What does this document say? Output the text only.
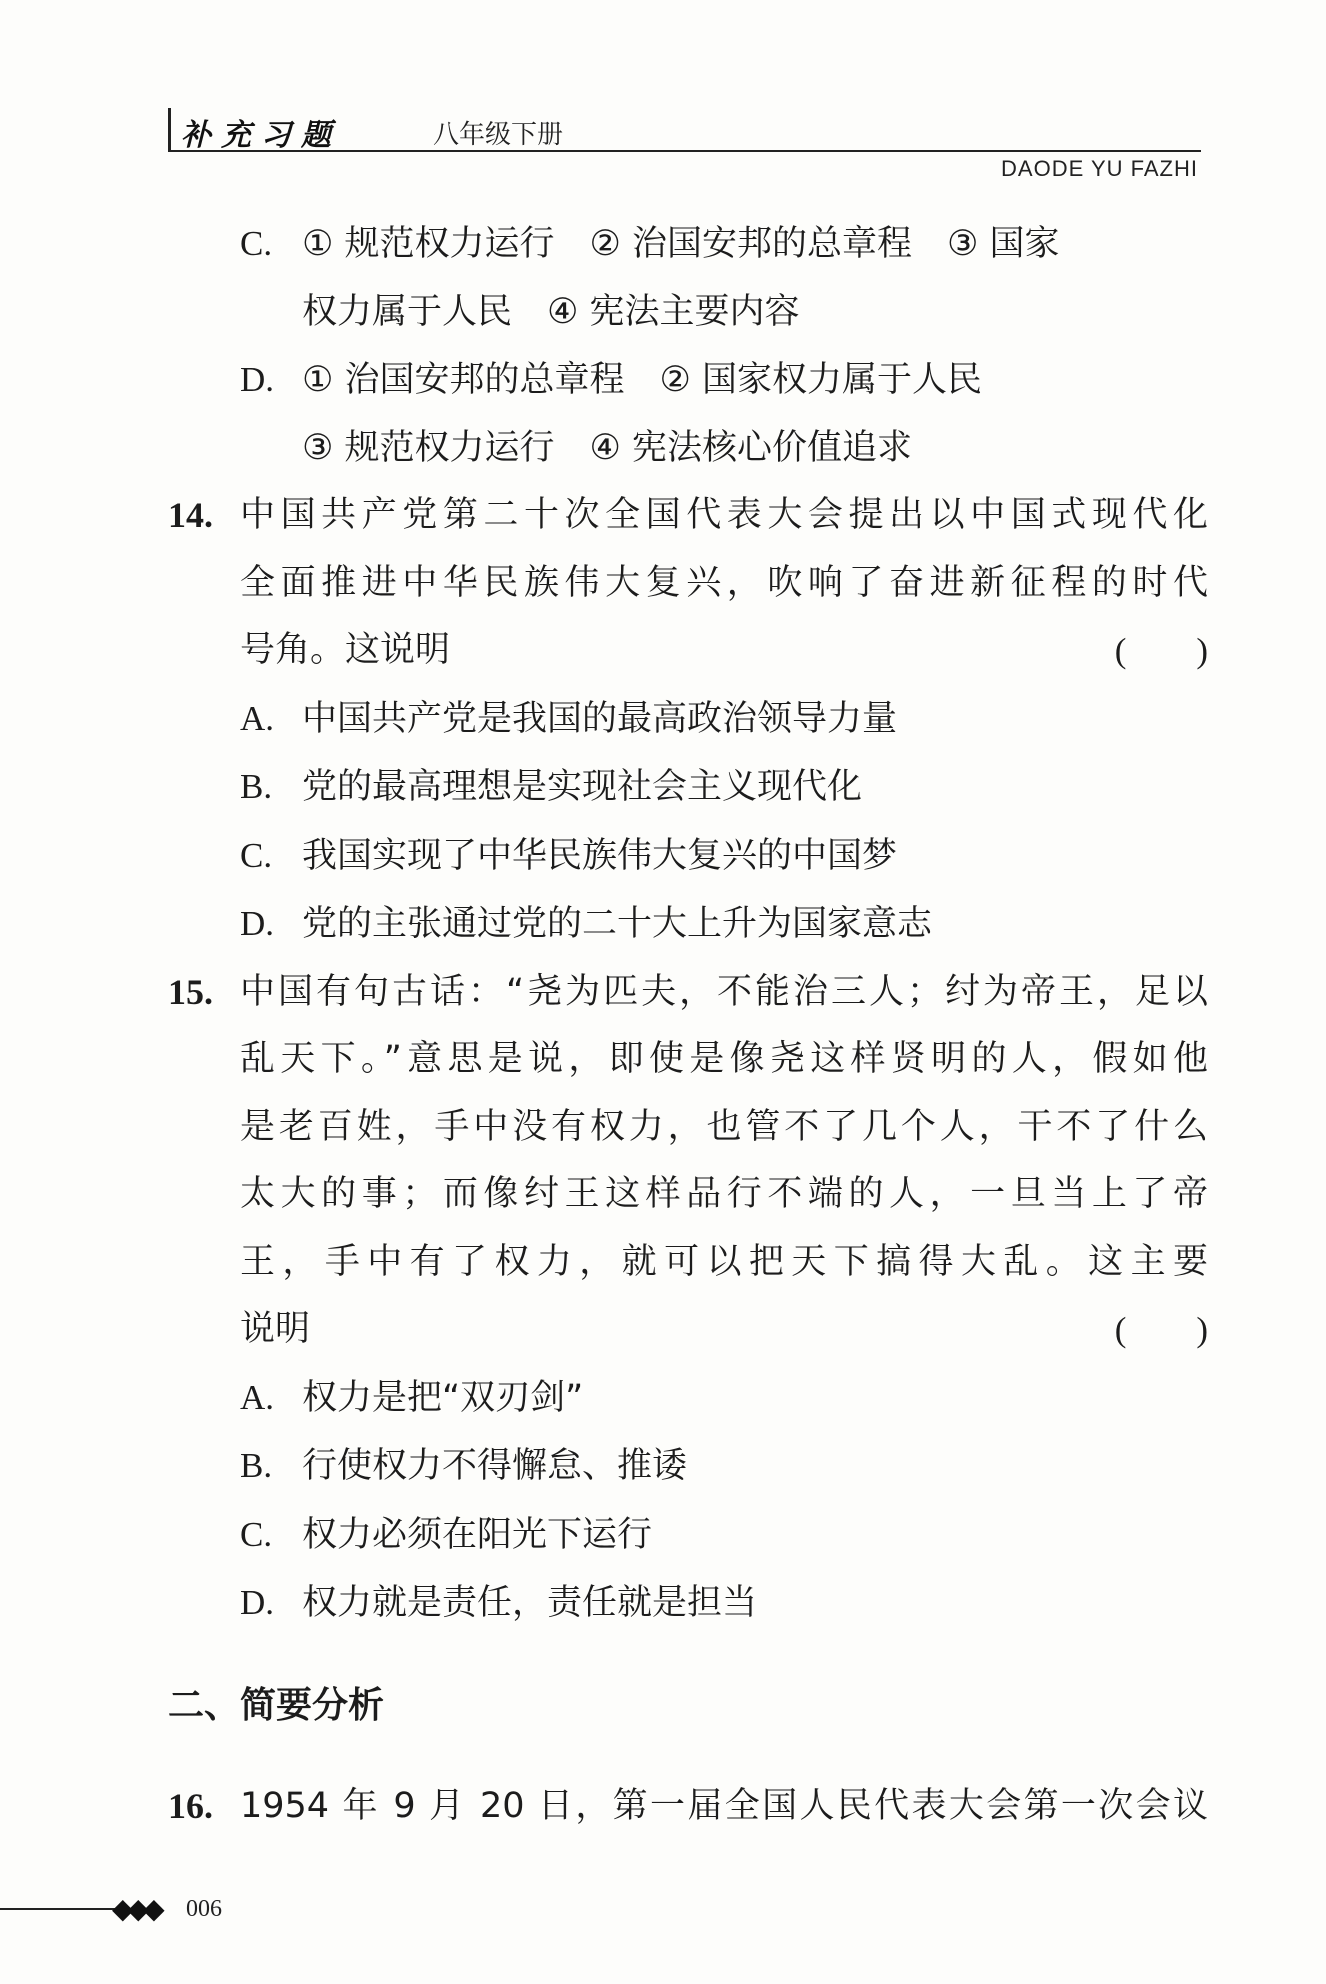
补充习题	八年级下册
DAODE YU FAZHI
C. ① 规范权力运行　② 治国安邦的总章程　③ 国家
权力属于人民　④ 宪法主要内容
D. ① 治国安邦的总章程　② 国家权力属于人民
③ 规范权力运行　④ 宪法核心价值追求
14. 中国共产党第二十次全国代表大会提出以中国式现代化
全面推进中华民族伟大复兴，吹响了奋进新征程的时代
号角。这说明	(　　)
A. 中国共产党是我国的最高政治领导力量
B. 党的最高理想是实现社会主义现代化
C. 我国实现了中华民族伟大复兴的中国梦
D. 党的主张通过党的二十大上升为国家意志
15. 中国有句古话：“尧为匹夫，不能治三人；纣为帝王，足以
乱天下。”意思是说，即使是像尧这样贤明的人，假如他
是老百姓，手中没有权力，也管不了几个人，干不了什么
太大的事；而像纣王这样品行不端的人，一旦当上了帝
王，手中有了权力，就可以把天下搞得大乱。这主要
说明	(　　)
A. 权力是把“双刃剑”
B. 行使权力不得懈怠、推诿
C. 权力必须在阳光下运行
D. 权力就是责任，责任就是担当
二、简要分析
16. 1954 年 9 月 20 日，第一届全国人民代表大会第一次会议
◆◆◆ 006
